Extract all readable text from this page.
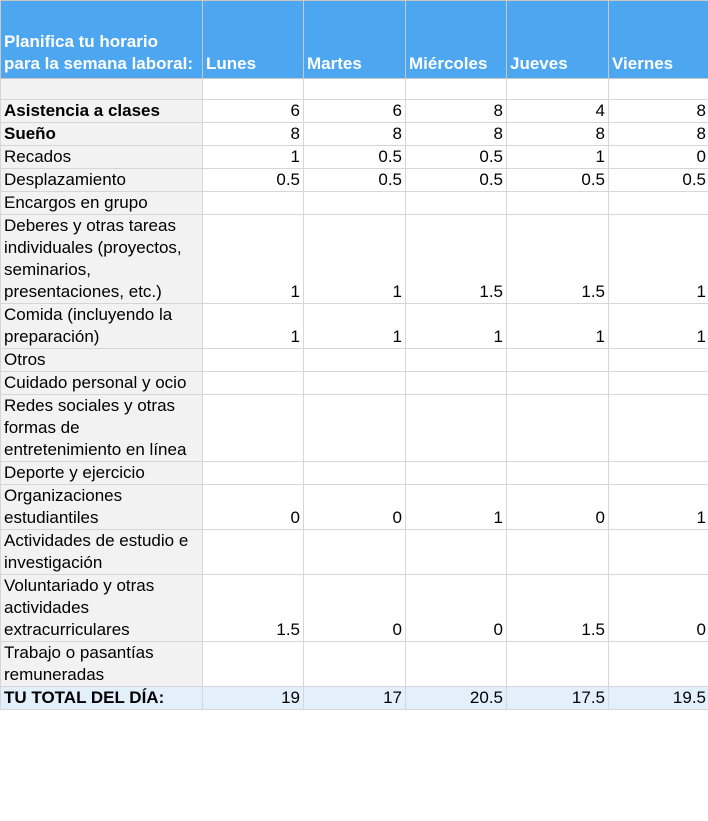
Planifica tu horario
para la semana laboral:	Lunes	Martes	Miércoles	Jueves	Viernes

Asistencia a clases	6	6	8	4	8
Sueño	8	8	8	8	8
Recados	1	0.5	0.5	1	0
Desplazamiento	0.5	0.5	0.5	0.5	0.5
Encargos en grupo					
Deberes y otras tareas individuales (proyectos, seminarios, presentaciones, etc.)	1	1	1.5	1.5	1
Comida (incluyendo la preparación)	1	1	1	1	1
Otros					
Cuidado personal y ocio					
Redes sociales y otras formas de entretenimiento en línea					
Deporte y ejercicio					
Organizaciones estudiantiles	0	0	1	0	1
Actividades de estudio e investigación					
Voluntariado y otras actividades extracurriculares	1.5	0	0	1.5	0
Trabajo o pasantías remuneradas					
TU TOTAL DEL DÍA:	19	17	20.5	17.5	19.5
